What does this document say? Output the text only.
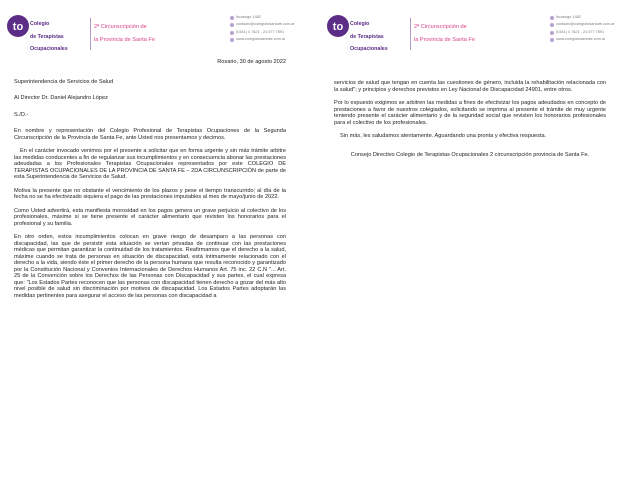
to Colegio

de Terapistas

Ocupacionales

2ª Circunscripción de

la Provincia de Santa Fe

Ituzaingo 1482
contacto@colegiotosantafe.com.ar
(0341) 4 7821 - 24 577 7891
www.colegiotosantafe.com.ar

Rosario, 30 de agosto 2022

Superintendencia de Servicios de Salud

Al Director Dr. Daniel Alejandro López

S./D.-

En nombre y representación del Colegio Profesional de Terapistas Ocupaciones de la Segunda Circunscripción de la Provincia de Santa Fe, ante Usted nos presentamos y decimos.

En el carácter invocado venimos por el presente a solicitar que en forma urgente y sin más trámite arbitre las medidas conducentes a fin de regularizar sus incumplimientos y en consecuencia abonar las prestaciones adeudadas a los Profesionales Terapistas Ocupacionales representados por este COLEGIO DE TERAPISTAS OCUPACIONALES DE LA PROVINCIA DE SANTA FE – 2DA CIRCUNSCRIPCIÓN de parte de esta Superintendencia de Servicios de Salud.

Motiva la presente que no obstante el vencimiento de los plazos y pese el tiempo transcurrido; al día de la fecha no se ha efectivizado siquiera el pago de las prestaciones imputables al mes de mayo/junio de 2022.

Como Usted advertirá, esta manifiesta morosidad en los pagos genera un grave perjuicio al colectivo de los profesionales, máxime si se tiene presente el carácter alimentario que revisten los honorarios para el profesional y su familia.

En otro orden, estos incumplimientos colocan en grave riesgo de desamparo a las personas con discapacidad, las que de persistir esta situación se verían privadas de continuar con las prestaciones médicas que permitan garantizar la continuidad de los tratamientos. Reafirmamos que el derecho a la salud, máxime cuando se trata de personas en situación de discapacidad, está íntimamente relacionado con el derecho a la vida, siendo éste el primer derecho de la persona humana que resulta reconocido y garantizado por la Constitución Nacional y Convenios Internacionales de Derechos Humanos Art. 75 inc. 22 C.N "... Art. 25 de la Convención sobre los Derechos de las Personas con Discapacidad y sus partes, el cual expresa que: "Los Estados Partes reconocen que las personas con discapacidad tienen derecho a gozar del más alto nivel posible de salud sin discriminación por motivos de discapacidad. Los Estados Partes adoptarán las medidas pertinentes para asegurar el acceso de las personas con discapacidad a

to Colegio

de Terapistas

Ocupacionales

2ª Circunscripción de

la Provincia de Santa Fe

Ituzaingo 1482
contacto@colegiotosantafe.com.ar
(0341) 4 7821 - 24 577 7891
www.colegiotosantafe.com.ar

servicios de salud que tengan en cuenta las cuestiones de género, incluida la rehabilitación relacionada con la salud"; y principios y derechos previstos en Ley Nacional de Discapacidad 24901, entre otros.

Por lo expuesto exigimos se arbitren las medidas a fines de efectivizar los pagos adeudados en concepto de prestaciones a favor de nuestros colegiados, solicitando se imprima al presente el trámite de muy urgente teniendo presente el carácter alimentario y de la seguridad social que revisten los honorarios profesionales para el colectivo de los profesionales.

Sin más, les saludamos atentamente. Aguardando una pronta y efectiva respuesta.

Consejo Directivo Colegio de Terapistas Ocupacionales 2 circunscripción provincia de Santa Fe.
